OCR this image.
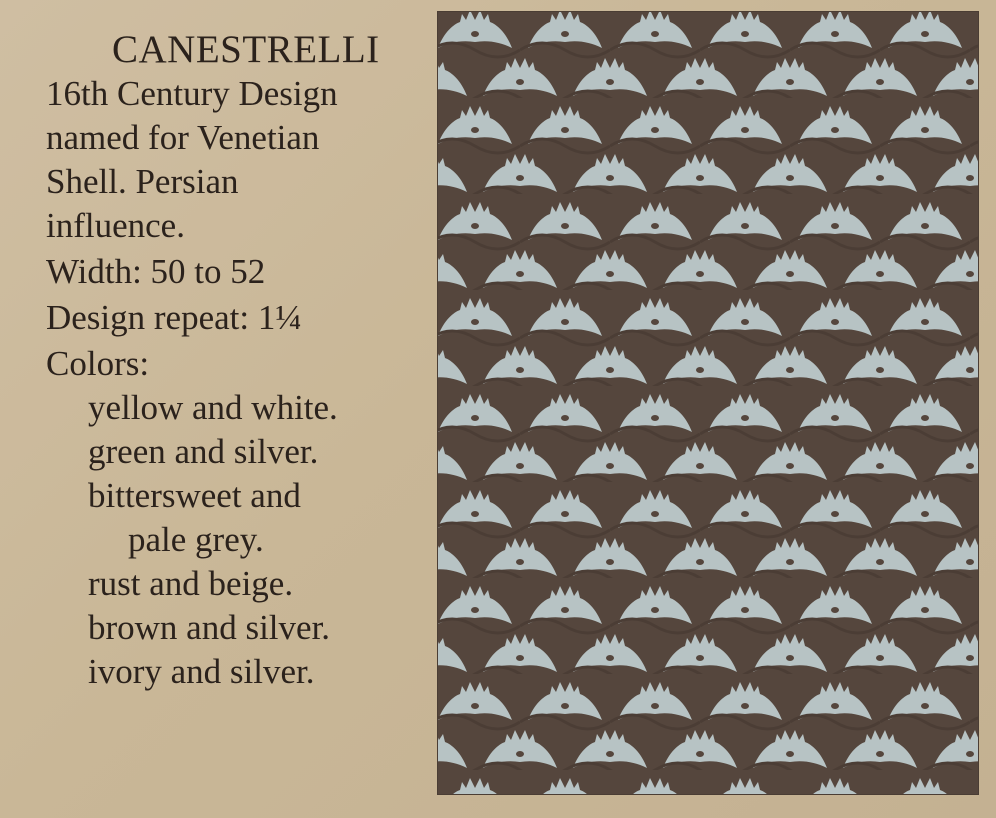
CANESTRELLI
16th Century Design
named for Venetian
Shell. Persian
influence.
Width: 50 to 52
Design repeat: 1¼
Colors:
yellow and white.
green and silver.
bittersweet and
pale grey.
rust and beige.
brown and silver.
ivory and silver.
